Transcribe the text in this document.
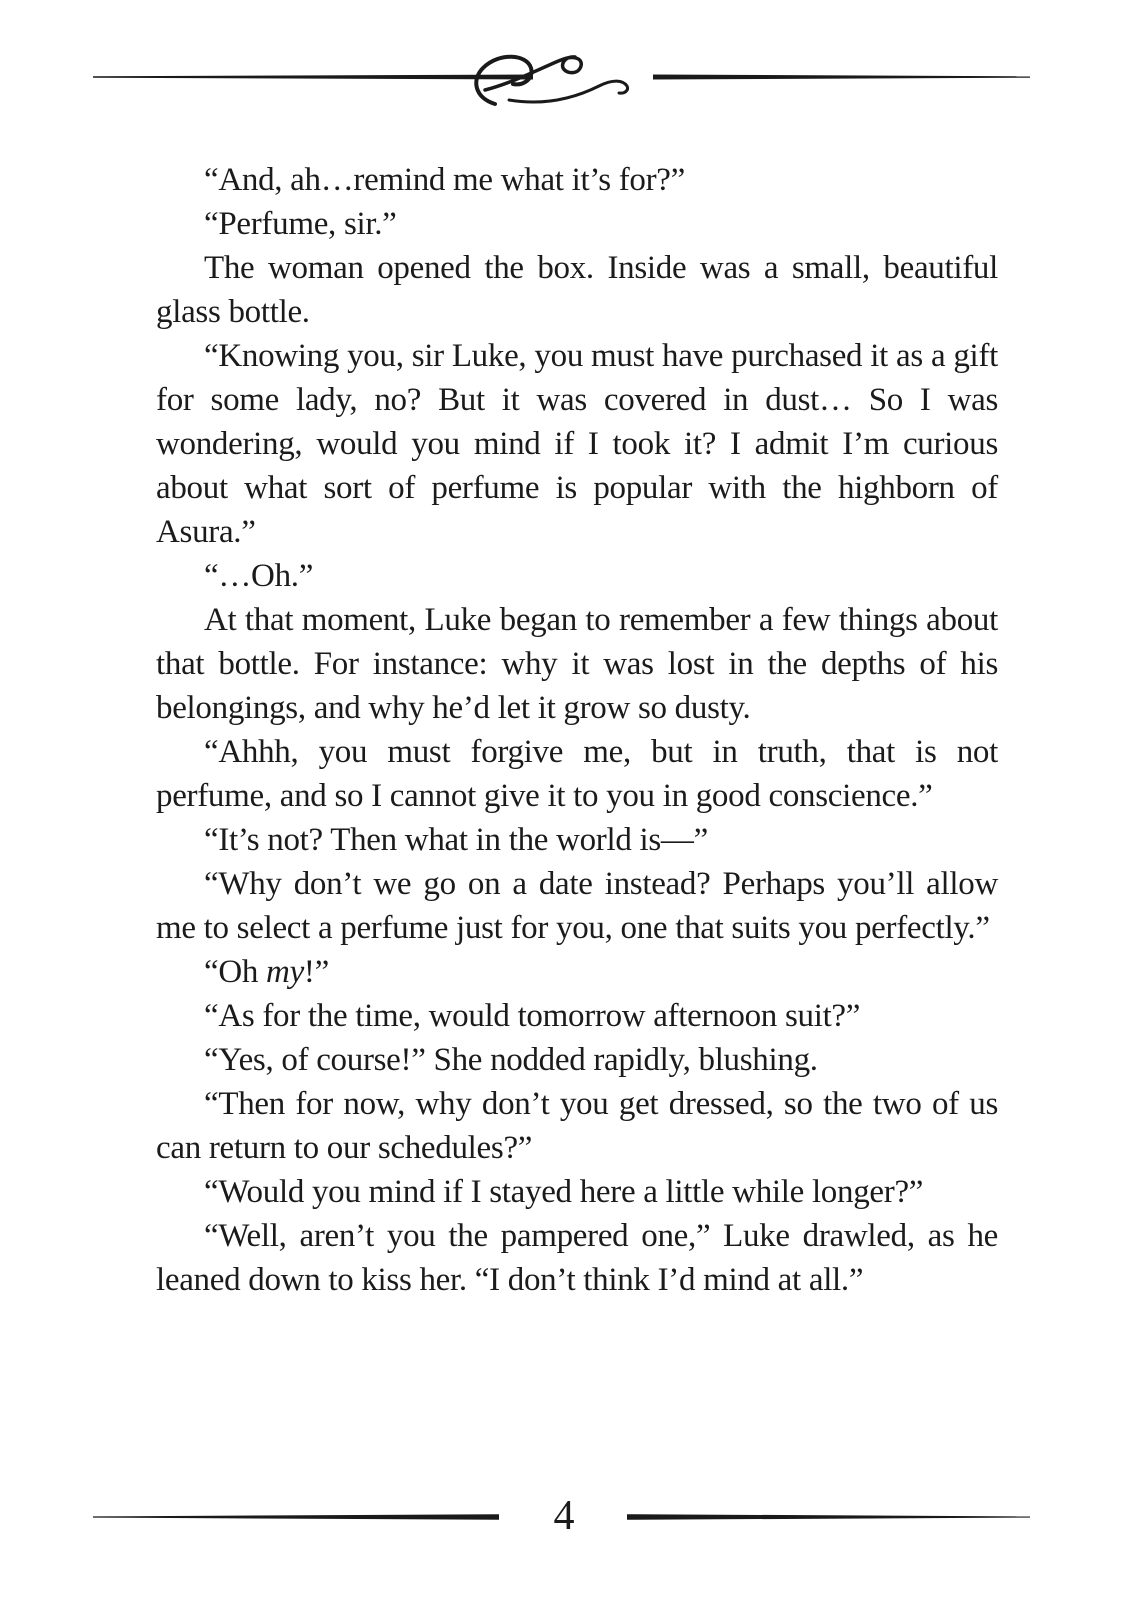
“And, ah…remind me what it’s for?”

“Perfume, sir.”

The woman opened the box. Inside was a small, beautiful glass bottle.

“Knowing you, sir Luke, you must have purchased it as a gift for some lady, no? But it was covered in dust… So I was wondering, would you mind if I took it? I admit I’m curious about what sort of perfume is popular with the highborn of Asura.”

“…Oh.”

At that moment, Luke began to remember a few things about that bottle. For instance: why it was lost in the depths of his belongings, and why he’d let it grow so dusty.

“Ahhh, you must forgive me, but in truth, that is not perfume, and so I cannot give it to you in good conscience.”

“It’s not? Then what in the world is—”

“Why don’t we go on a date instead? Perhaps you’ll allow me to select a perfume just for you, one that suits you perfectly.”

“Oh my!”

“As for the time, would tomorrow afternoon suit?”

“Yes, of course!” She nodded rapidly, blushing.

“Then for now, why don’t you get dressed, so the two of us can return to our schedules?”

“Would you mind if I stayed here a little while longer?”

“Well, aren’t you the pampered one,” Luke drawled, as he leaned down to kiss her. “I don’t think I’d mind at all.”

4
